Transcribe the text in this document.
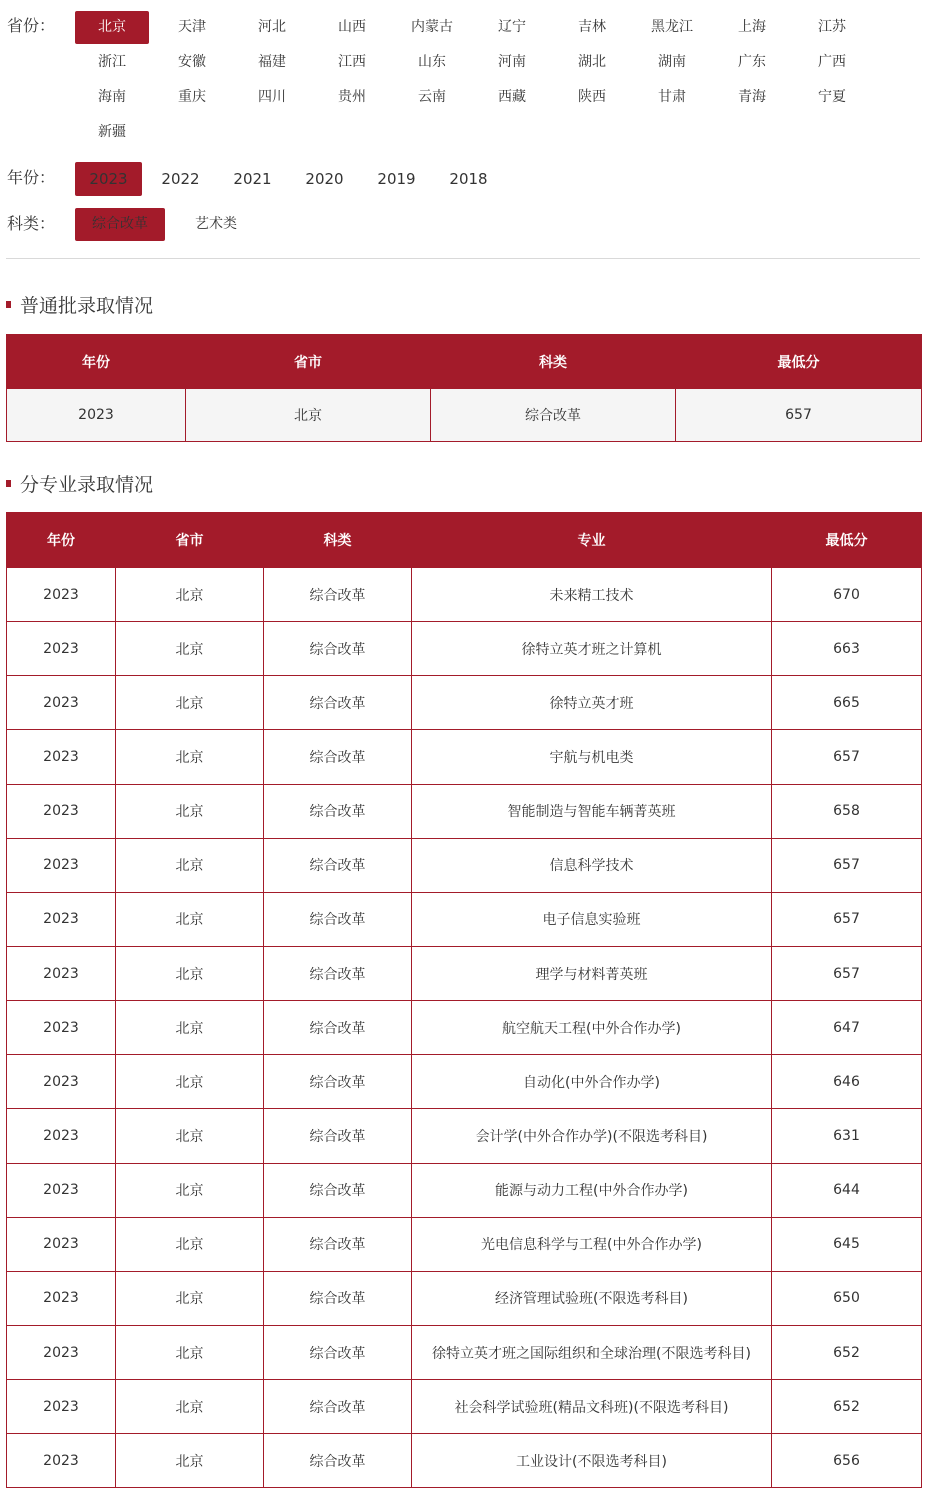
省份：	北京	天津	河北	山西	内蒙古	辽宁	吉林	黑龙江	上海	江苏
浙江	安徽	福建	江西	山东	河南	湖北	湖南	广东	广西
海南	重庆	四川	贵州	云南	西藏	陕西	甘肃	青海	宁夏
新疆
年份：	2023	2022	2021	2020	2019	2018
科类：	综合改革	艺术类
普通批录取情况
年份	省市	科类	最低分
2023	北京	综合改革	657
分专业录取情况
年份	省市	科类	专业	最低分
2023	北京	综合改革	未来精工技术	670
2023	北京	综合改革	徐特立英才班之计算机	663
2023	北京	综合改革	徐特立英才班	665
2023	北京	综合改革	宇航与机电类	657
2023	北京	综合改革	智能制造与智能车辆菁英班	658
2023	北京	综合改革	信息科学技术	657
2023	北京	综合改革	电子信息实验班	657
2023	北京	综合改革	理学与材料菁英班	657
2023	北京	综合改革	航空航天工程(中外合作办学)	647
2023	北京	综合改革	自动化(中外合作办学)	646
2023	北京	综合改革	会计学(中外合作办学)(不限选考科目)	631
2023	北京	综合改革	能源与动力工程(中外合作办学)	644
2023	北京	综合改革	光电信息科学与工程(中外合作办学)	645
2023	北京	综合改革	经济管理试验班(不限选考科目)	650
2023	北京	综合改革	徐特立英才班之国际组织和全球治理(不限选考科目)	652
2023	北京	综合改革	社会科学试验班(精品文科班)(不限选考科目)	652
2023	北京	综合改革	工业设计(不限选考科目)	656
